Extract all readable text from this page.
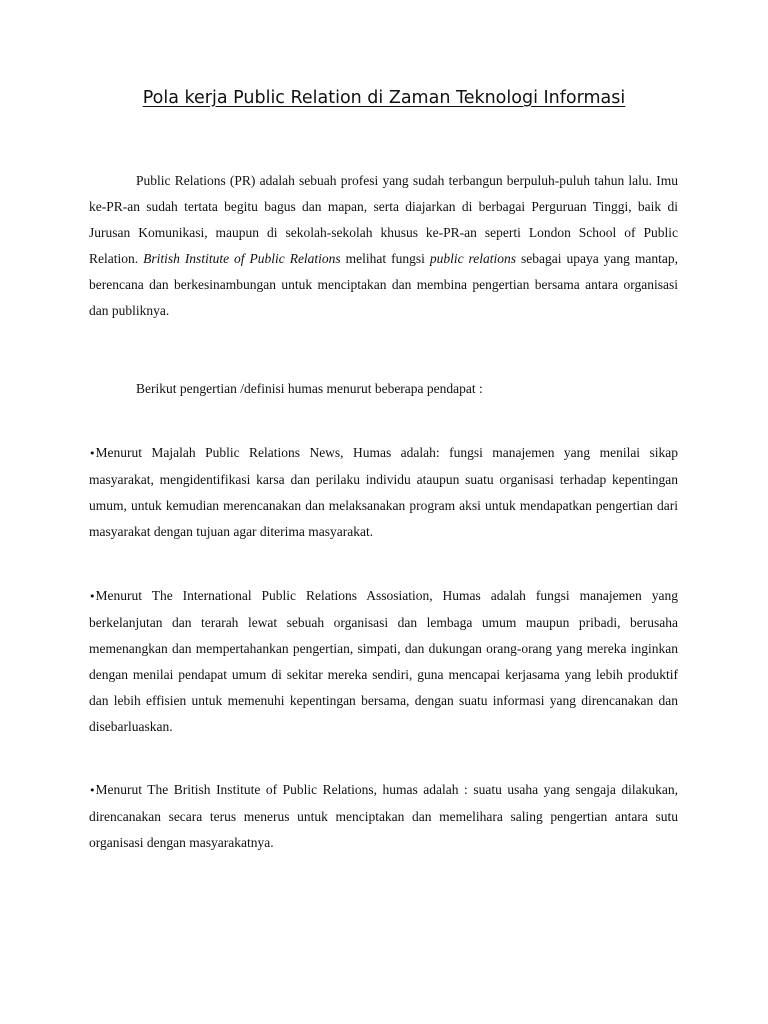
Pola kerja Public Relation di Zaman Teknologi Informasi

Public Relations (PR) adalah sebuah profesi yang sudah terbangun berpuluh-puluh tahun lalu. Imu ke-PR-an sudah tertata begitu bagus dan mapan, serta diajarkan di berbagai Perguruan Tinggi, baik di Jurusan Komunikasi, maupun di sekolah-sekolah khusus ke-PR-an seperti London School of Public Relation. British Institute of Public Relations melihat fungsi public relations sebagai upaya yang mantap, berencana dan berkesinambungan untuk menciptakan dan membina pengertian bersama antara organisasi dan publiknya.

Berikut pengertian /definisi humas menurut beberapa pendapat :

•Menurut Majalah Public Relations News, Humas adalah: fungsi manajemen yang menilai sikap masyarakat, mengidentifikasi karsa dan perilaku individu ataupun suatu organisasi terhadap kepentingan umum, untuk kemudian merencanakan dan melaksanakan program aksi untuk mendapatkan pengertian dari masyarakat dengan tujuan agar diterima masyarakat.

•Menurut The International Public Relations Assosiation, Humas adalah fungsi manajemen yang berkelanjutan dan terarah lewat sebuah organisasi dan lembaga umum maupun pribadi, berusaha memenangkan dan mempertahankan pengertian, simpati, dan dukungan orang-orang yang mereka inginkan dengan menilai pendapat umum di sekitar mereka sendiri, guna mencapai kerjasama yang lebih produktif dan lebih effisien untuk memenuhi kepentingan bersama, dengan suatu informasi yang direncanakan dan disebarluaskan.

•Menurut The British Institute of Public Relations, humas adalah : suatu usaha yang sengaja dilakukan, direncanakan secara terus menerus untuk menciptakan dan memelihara saling pengertian antara sutu organisasi dengan masyarakatnya.
